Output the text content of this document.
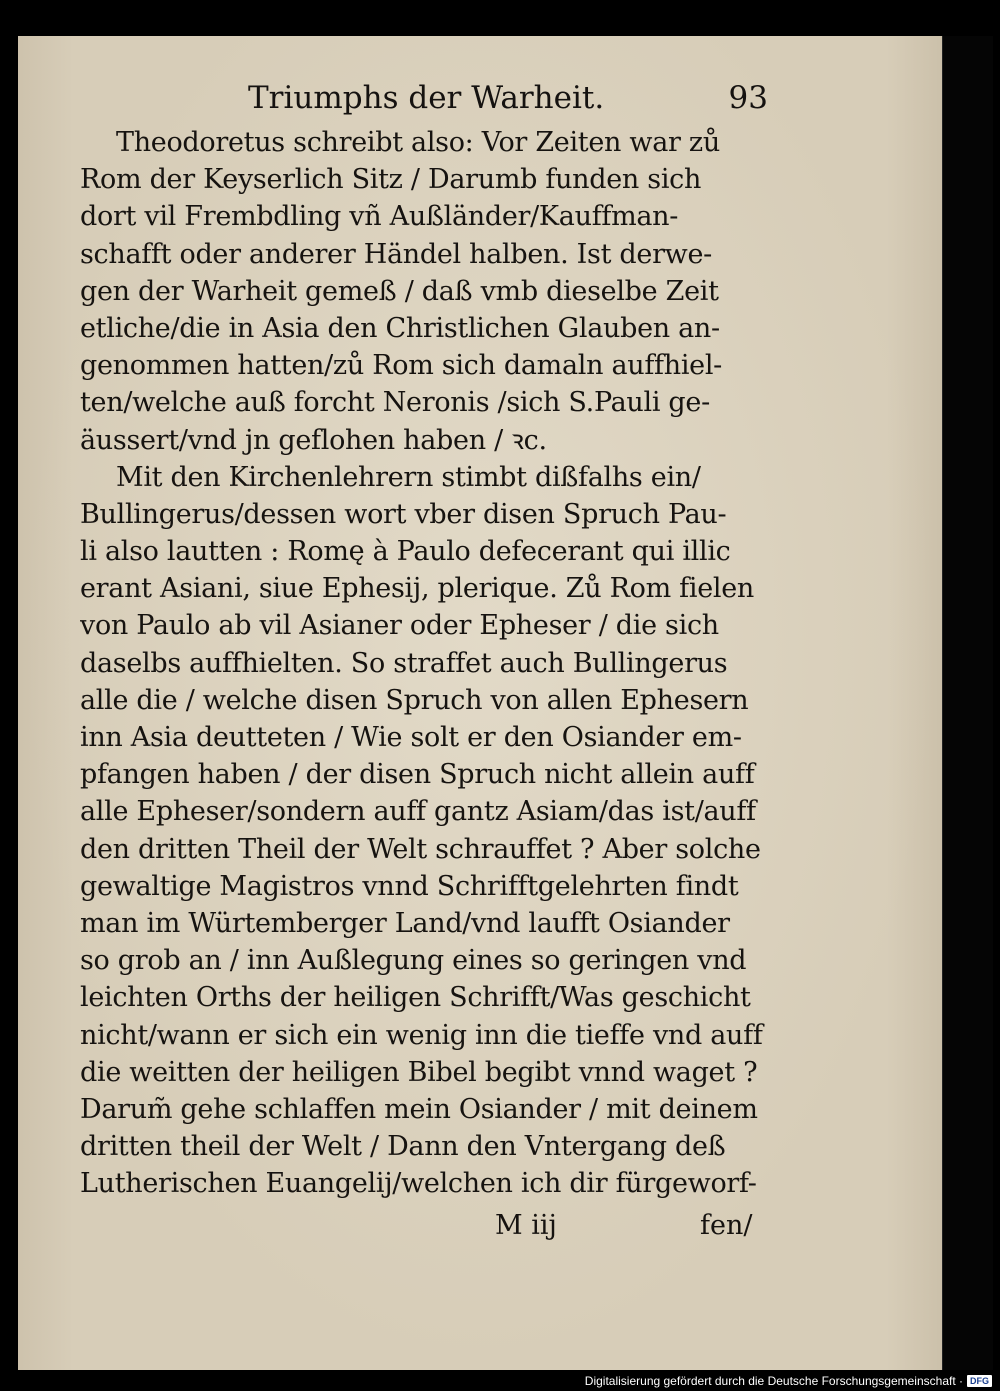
Triumphs der Warheit.	93
Theodoretus schreibt also: Vor Zeiten war zů
Rom der Keyserlich Sitz / Darumb funden sich
dort vil Frembdling vñ Außländer/Kauffman-
schafft oder anderer Händel halben. Ist derwe-
gen der Warheit gemeß / daß vmb dieselbe Zeit
etliche/die in Asia den Christlichen Glauben an-
genommen hatten/zů Rom sich damaln auffhiel-
ten/welche auß forcht Neronis /sich S.Pauli ge-
äussert/vnd jn geflohen haben / ꝛc.
Mit den Kirchenlehrern stimbt dißfalhs ein/
Bullingerus/dessen wort vber disen Spruch Pau-
li also lautten : Romę à Paulo defecerant qui illic
erant Asiani, siue Ephesij, plerique. Zů Rom fielen
von Paulo ab vil Asianer oder Epheser / die sich
daselbs auffhielten. So straffet auch Bullingerus
alle die / welche disen Spruch von allen Ephesern
inn Asia deutteten / Wie solt er den Osiander em-
pfangen haben / der disen Spruch nicht allein auff
alle Epheser/sondern auff gantz Asiam/das ist/auff
den dritten Theil der Welt schrauffet ? Aber solche
gewaltige Magistros vnnd Schrifftgelehrten findt
man im Würtemberger Land/vnd laufft Osiander
so grob an / inn Außlegung eines so geringen vnd
leichten Orths der heiligen Schrifft/Was geschicht
nicht/wann er sich ein wenig inn die tieffe vnd auff
die weitten der heiligen Bibel begibt vnnd waget ?
Darum̃ gehe schlaffen mein Osiander / mit deinem
dritten theil der Welt / Dann den Vntergang deß
Lutherischen Euangelij/welchen ich dir fürgeworf-
M iij	fen/
Digitalisierung gefördert durch die Deutsche Forschungsgemeinschaft · DFG
